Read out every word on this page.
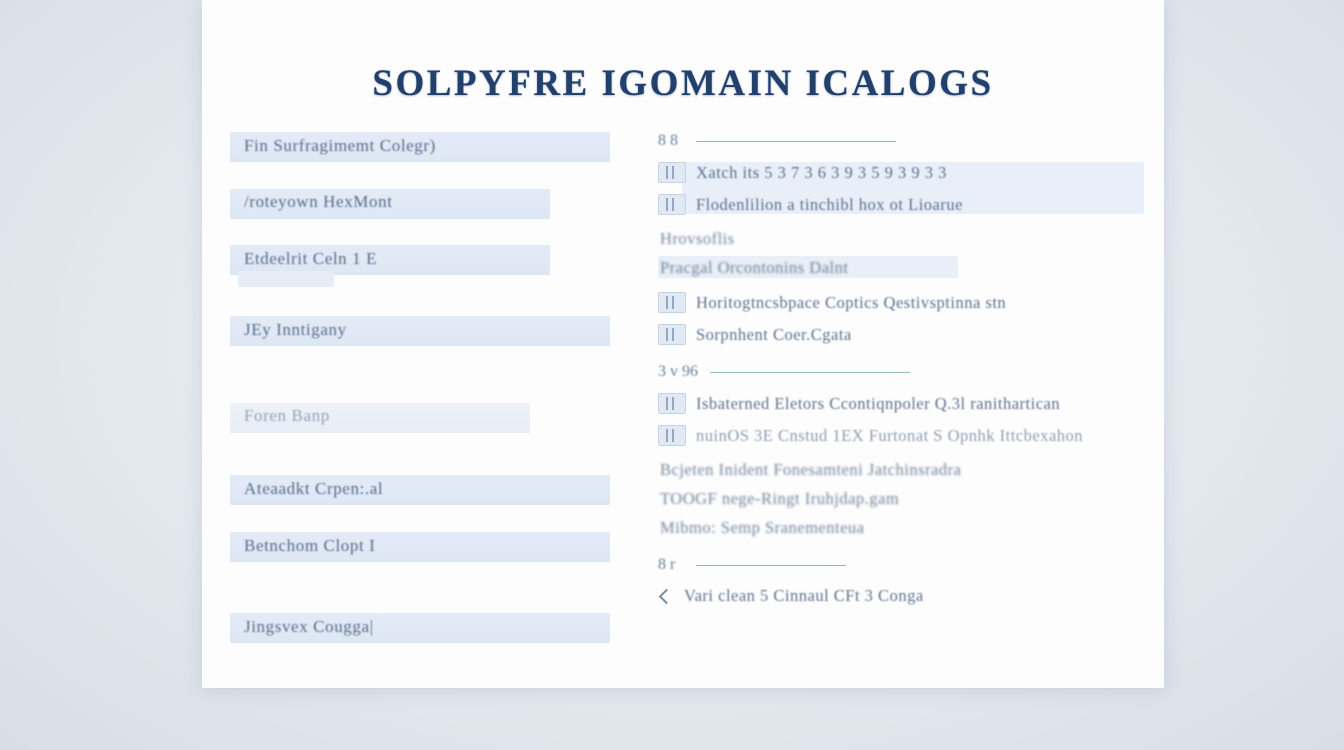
SOLPYFRE IGOMAIN ICALOGS
Fin Surfragimemt Colegr)
/roteyown HexMont
Etdeelrit Celn 1 E
JEy Inntigany
Foren Banp
Ateaadkt Crpen:.al
Betnchom Clopt I
Jingsvex Cougga|
8 8
Xatch its 5 3 7 3 6 3 9 3 5 9 3 9 3 3
Flodenlilion a tinchibl hox ot Lioarue
Hrovsoflis
Pracgal Orcontonins Dalnt
Horitogtncsbpace Coptics Qestivsptinna stn
Sorpnhent Coer.Cgata
3 v 96
Isbaterned Eletors Ccontiqnpoler Q.3l ranithartican
nuinOS 3E Cnstud 1EX Furtonat S Opnhk Ittcbexahon
Bcjeten Inident Fonesamteni Jatchinsradra
TOOGF nege-Ringt Iruhjdap.gam
Mibmo: Semp Sranementeua
8 r
Vari clean 5 Cinnaul CFt 3 Conga
